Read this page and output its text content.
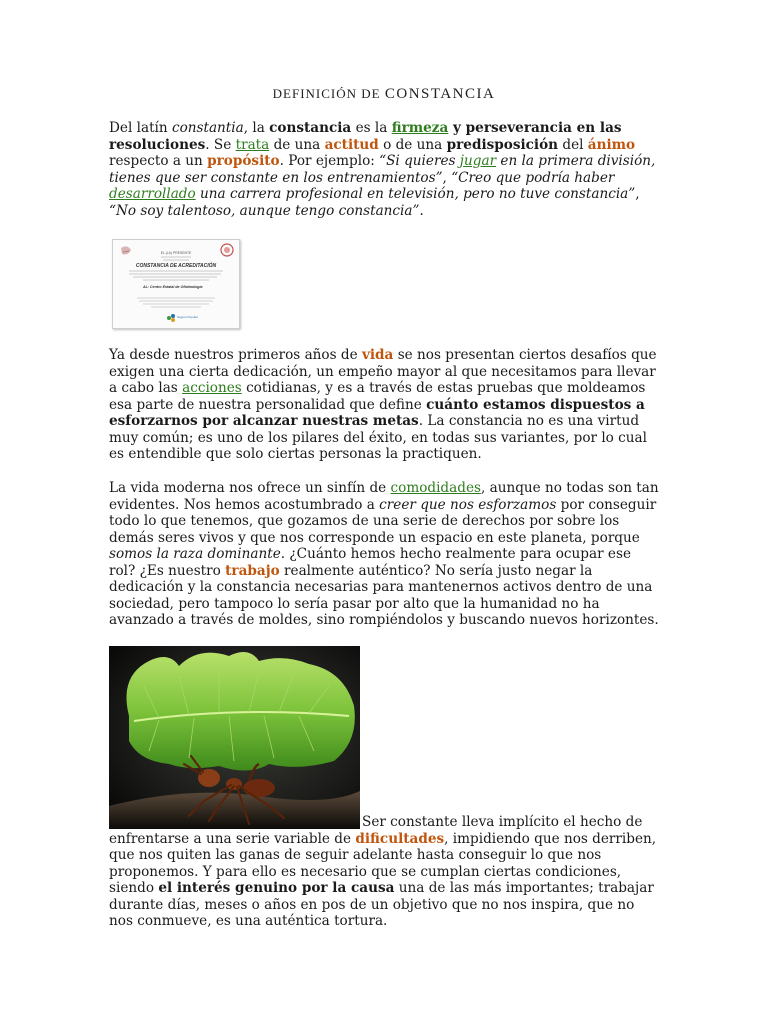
DEFINICIÓN DE CONSTANCIA

Del latín constantia, la constancia es la firmeza y perseverancia en las resoluciones. Se trata de una actitud o de una predisposición del ánimo respecto a un propósito. Por ejemplo: “Si quieres jugar en la primera división, tienes que ser constante en los entrenamientos”, “Creo que podría haber desarrollado una carrera profesional en televisión, pero no tuve constancia”, “No soy talentoso, aunque tengo constancia”.

EL (LA) PRESENTE
CONSTANCIA DE ACREDITACIÓN
AL: Centro Estatal de Oftalmología
Seguro Popular

Ya desde nuestros primeros años de vida se nos presentan ciertos desafíos que exigen una cierta dedicación, un empeño mayor al que necesitamos para llevar a cabo las acciones cotidianas, y es a través de estas pruebas que moldeamos esa parte de nuestra personalidad que define cuánto estamos dispuestos a esforzarnos por alcanzar nuestras metas. La constancia no es una virtud muy común; es uno de los pilares del éxito, en todas sus variantes, por lo cual es entendible que solo ciertas personas la practiquen.

La vida moderna nos ofrece un sinfín de comodidades, aunque no todas son tan evidentes. Nos hemos acostumbrado a creer que nos esforzamos por conseguir todo lo que tenemos, que gozamos de una serie de derechos por sobre los demás seres vivos y que nos corresponde un espacio en este planeta, porque somos la raza dominante. ¿Cuánto hemos hecho realmente para ocupar ese rol? ¿Es nuestro trabajo realmente auténtico? No sería justo negar la dedicación y la constancia necesarias para mantenernos activos dentro de una sociedad, pero tampoco lo sería pasar por alto que la humanidad no ha avanzado a través de moldes, sino rompiéndolos y buscando nuevos horizontes.

Ser constante lleva implícito el hecho de enfrentarse a una serie variable de dificultades, impidiendo que nos derriben, que nos quiten las ganas de seguir adelante hasta conseguir lo que nos proponemos. Y para ello es necesario que se cumplan ciertas condiciones, siendo el interés genuino por la causa una de las más importantes; trabajar durante días, meses o años en pos de un objetivo que no nos inspira, que no nos conmueve, es una auténtica tortura.
